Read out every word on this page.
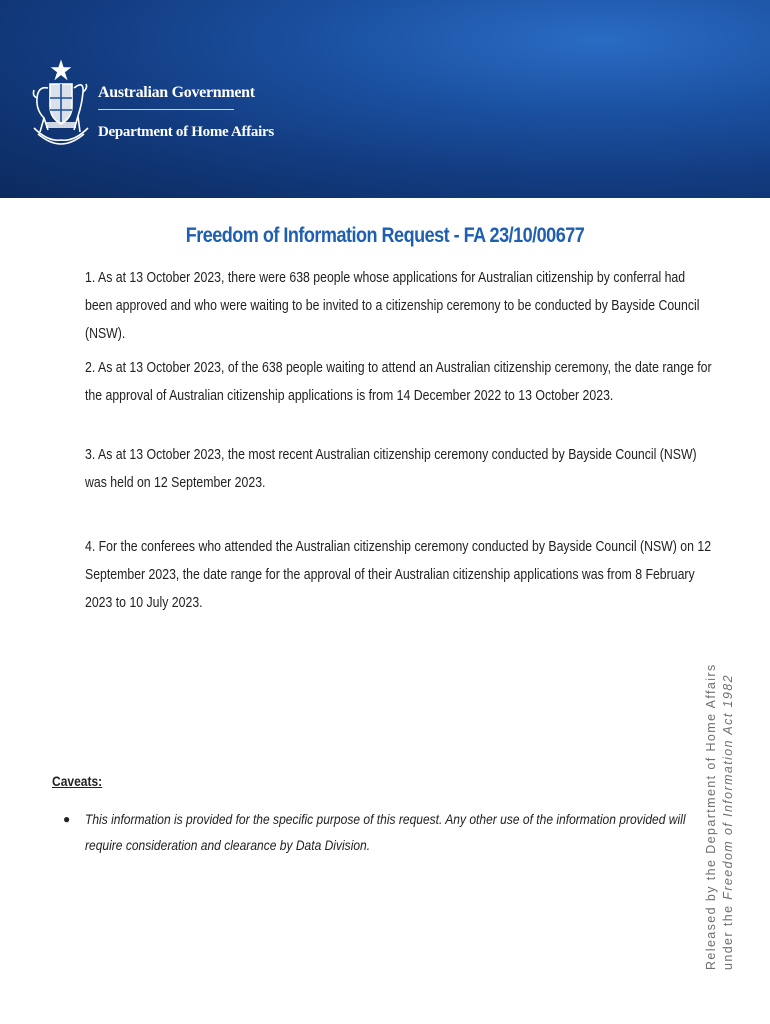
Australian Government
Department of Home Affairs
Freedom of Information Request - FA 23/10/00677
1. As at 13 October 2023, there were 638 people whose applications for Australian citizenship by conferral had been approved and who were waiting to be invited to a citizenship ceremony to be conducted by Bayside Council (NSW).
2. As at 13 October 2023, of the 638 people waiting to attend an Australian citizenship ceremony, the date range for the approval of Australian citizenship applications is from 14 December 2022 to 13 October 2023.
3. As at 13 October 2023, the most recent Australian citizenship ceremony conducted by Bayside Council (NSW) was held on 12 September 2023.
4. For the conferees who attended the Australian citizenship ceremony conducted by Bayside Council (NSW) on 12 September 2023, the date range for the approval of their Australian citizenship applications was from 8 February 2023 to 10 July 2023.
Caveats:
● This information is provided for the specific purpose of this request. Any other use of the information provided will require consideration and clearance by Data Division.	Released by the Department of Home Affairs under the Freedom of Information Act 1982
